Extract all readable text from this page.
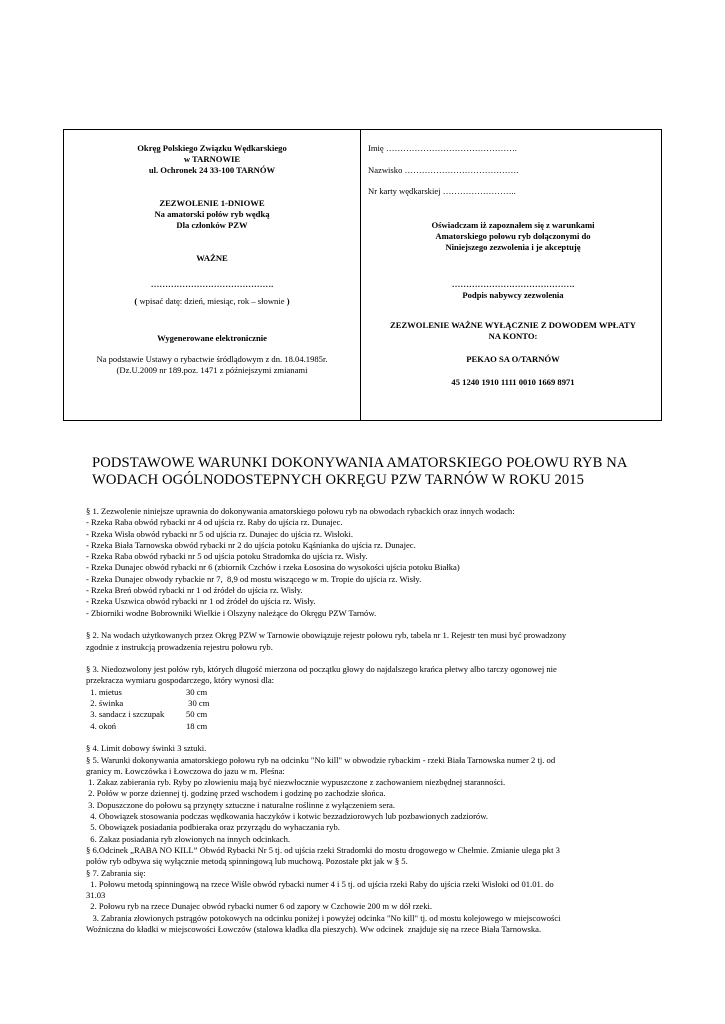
Okręg Polskiego Związku Wędkarskiego
w TARNOWIE
ul. Ochronek 24 33-100 TARNÓW
ZEZWOLENIE 1-DNIOWE
Na amatorski połów ryb wędką
Dla członków PZW
WAŻNE
…………………………………….
( wpisać datę: dzień, miesiąc, rok – słownie )
Wygenerowane elektronicznie
Na podstawie Ustawy o rybactwie śródlądowym z dn. 18.04.1985r.
(Dz.U.2009 nr 189.poz. 1471 z późniejszymi zmianami
Imię ……………………………………….
Nazwisko ………………………………….
Nr karty wędkarskiej ……………………..
Oświadczam iż zapoznałem się z warunkami
Amatorskiego połowu ryb dołączonymi do
Niniejszego zezwolenia i je akceptuję
…………………………………….
Podpis nabywcy zezwolenia
ZEZWOLENIE WAŻNE WYŁĄCZNIE Z DOWODEM WPŁATY
NA KONTO:
PEKAO SA O/TARNÓW
45 1240 1910 1111 0010 1669 8971
PODSTAWOWE WARUNKI DOKONYWANIA AMATORSKIEGO POŁOWU RYB NA
WODACH OGÓLNODOSTEPNYCH OKRĘGU PZW TARNÓW W ROKU 2015
§ 1. Zezwolenie niniejsze uprawnia do dokonywania amatorskiego połowu ryb na obwodach rybackich oraz innych wodach:
- Rzeka Raba obwód rybacki nr 4 od ujścia rz. Raby do ujścia rz. Dunajec.
- Rzeka Wisła obwód rybacki nr 5 od ujścia rz. Dunajec do ujścia rz. Wisłoki.
- Rzeka Biała Tarnowska obwód rybacki nr 2 do ujścia potoku Kąśnianka do ujścia rz. Dunajec.
- Rzeka Raba obwód rybacki nr 5 od ujścia potoku Stradomka do ujścia rz. Wisły.
- Rzeka Dunajec obwód rybacki nr 6 (zbiornik Czchów i rzeka Łososina do wysokości ujścia potoku Białka)
- Rzeka Dunajec obwody rybackie nr 7,  8,9 od mostu wiszącego w m. Tropie do ujścia rz. Wisły.
- Rzeka Breń obwód rybacki nr 1 od źródeł do ujścia rz. Wisły.
- Rzeka Uszwica obwód rybacki nr 1 od źródeł do ujścia rz. Wisły.
- Zbiorniki wodne Bobrowniki Wielkie i Olszyny należące do Okręgu PZW Tarnów.
§ 2. Na wodach użytkowanych przez Okręg PZW w Tarnowie obowiązuje rejestr połowu ryb, tabela nr 1. Rejestr ten musi być prowadzony
zgodnie z instrukcją prowadzenia rejestru połowu ryb.
§ 3. Niedozwolony jest połów ryb, których długość mierzona od początku głowy do najdalszego krańca płetwy albo tarczy ogonowej nie
przekracza wymiaru gospodarczego, który wynosi dla:
1. mietus	30 cm
2. świnka	30 cm
3. sandacz i szczupak	50 cm
4. okoń	18 cm
§ 4. Limit dobowy świnki 3 sztuki.
§ 5. Warunki dokonywania amatorskiego połowu ryb na odcinku "No kill" w obwodzie rybackim - rzeki Biała Tarnowska numer 2 tj. od
granicy m. Łowczówka i Łowczowa do jazu w m. Pleśna:
1. Zakaz zabierania ryb. Ryby po złowieniu mają być niezwłocznie wypuszczone z zachowaniem niezbędnej staranności.
2. Połów w porze dziennej tj. godzinę przed wschodem i godzinę po zachodzie słońca.
3. Dopuszczone do połowu są przynęty sztuczne i naturalne roślinne z wyłączeniem sera.
4. Obowiązek stosowania podczas wędkowania haczyków i kotwic bezzadziorowych lub pozbawionych zadziorów.
5. Obowiązek posiadania podbieraka oraz przyrządu do wyhaczania ryb.
6. Zakaz posiadania ryb złowionych na innych odcinkach.
§ 6.Odcinek „RABA NO KILL” Obwód Rybacki Nr 5 tj. od ujścia rzeki Stradomki do mostu drogowego w Chełmie. Zmianie ulega pkt 3
połów ryb odbywa się wyłącznie metodą spinningową lub muchową. Pozostałe pkt jak w § 5.
§ 7. Zabrania się:
1. Połowu metodą spinningową na rzece Wiśle obwód rybacki numer 4 i 5 tj. od ujścia rzeki Raby do ujścia rzeki Wisłoki od 01.01. do
31.03
2. Połowu ryb na rzece Dunajec obwód rybacki numer 6 od zapory w Czchowie 200 m w dół rzeki.
3. Zabrania złowionych pstrągów potokowych na odcinku poniżej i powyżej odcinka "No kill" tj. od mostu kolejowego w miejscowości
Woźniczna do kładki w miejscowości Łowczów (stalowa kładka dla pieszych). Ww odcinek  znajduje się na rzece Biała Tarnowska.
